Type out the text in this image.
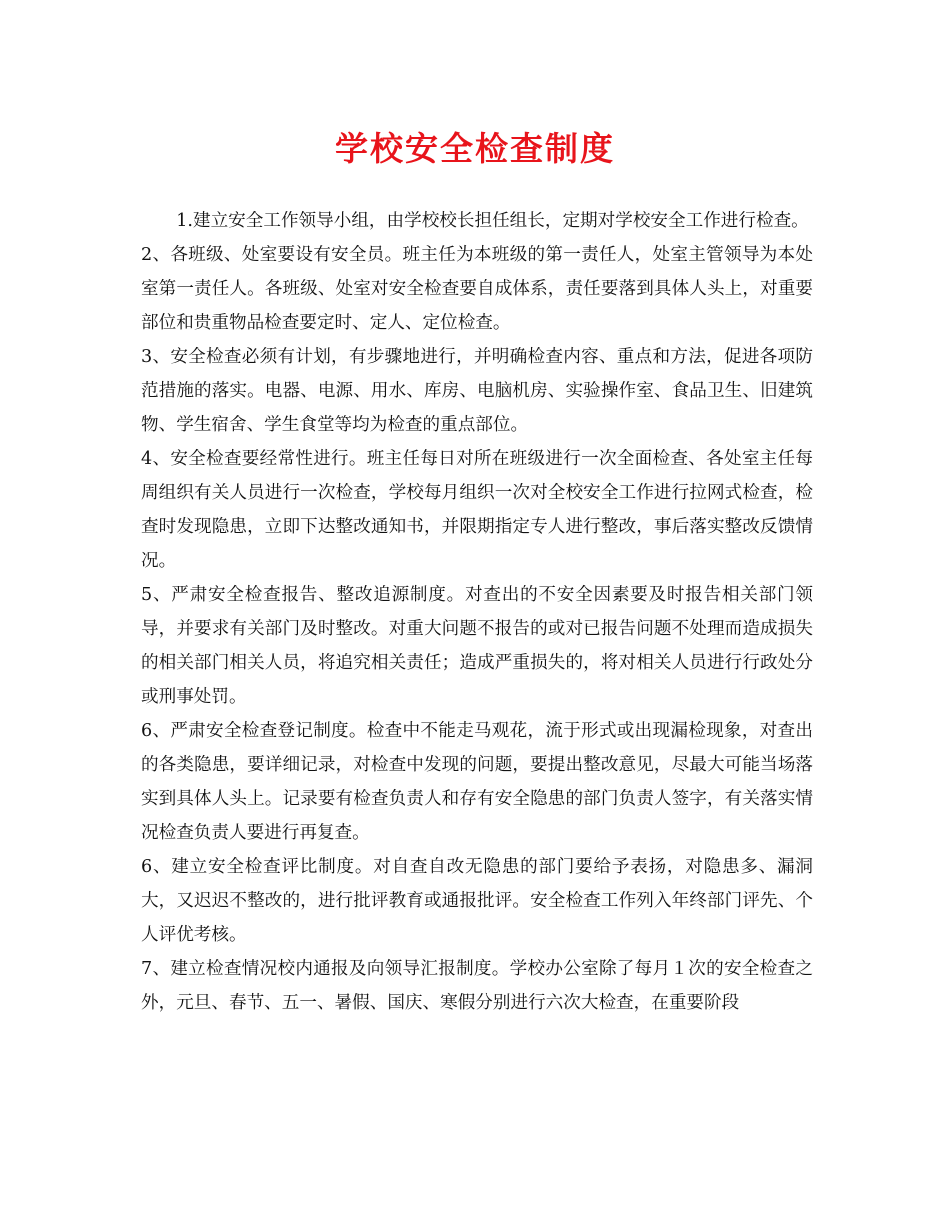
学校安全检查制度

1.建立安全工作领导小组，由学校校长担任组长，定期对学校安全工作进行检查。

2、各班级、处室要设有安全员。班主任为本班级的第一责任人，处室主管领导为本处室第一责任人。各班级、处室对安全检查要自成体系，责任要落到具体人头上，对重要部位和贵重物品检查要定时、定人、定位检查。

3、安全检查必须有计划，有步骤地进行，并明确检查内容、重点和方法，促进各项防范措施的落实。电器、电源、用水、库房、电脑机房、实验操作室、食品卫生、旧建筑物、学生宿舍、学生食堂等均为检查的重点部位。

4、安全检查要经常性进行。班主任每日对所在班级进行一次全面检查、各处室主任每周组织有关人员进行一次检查，学校每月组织一次对全校安全工作进行拉网式检查，检查时发现隐患，立即下达整改通知书，并限期指定专人进行整改，事后落实整改反馈情况。

5、严肃安全检查报告、整改追源制度。对查出的不安全因素要及时报告相关部门领导，并要求有关部门及时整改。对重大问题不报告的或对已报告问题不处理而造成损失的相关部门相关人员，将追究相关责任；造成严重损失的，将对相关人员进行行政处分或刑事处罚。

6、严肃安全检查登记制度。检查中不能走马观花，流于形式或出现漏检现象，对查出的各类隐患，要详细记录，对检查中发现的问题，要提出整改意见，尽最大可能当场落实到具体人头上。记录要有检查负责人和存有安全隐患的部门负责人签字，有关落实情况检查负责人要进行再复查。

6、建立安全检查评比制度。对自查自改无隐患的部门要给予表扬，对隐患多、漏洞大，又迟迟不整改的，进行批评教育或通报批评。安全检查工作列入年终部门评先、个人评优考核。

7、建立检查情况校内通报及向领导汇报制度。学校办公室除了每月１次的安全检查之外，元旦、春节、五一、暑假、国庆、寒假分别进行六次大检查，在重要阶段
